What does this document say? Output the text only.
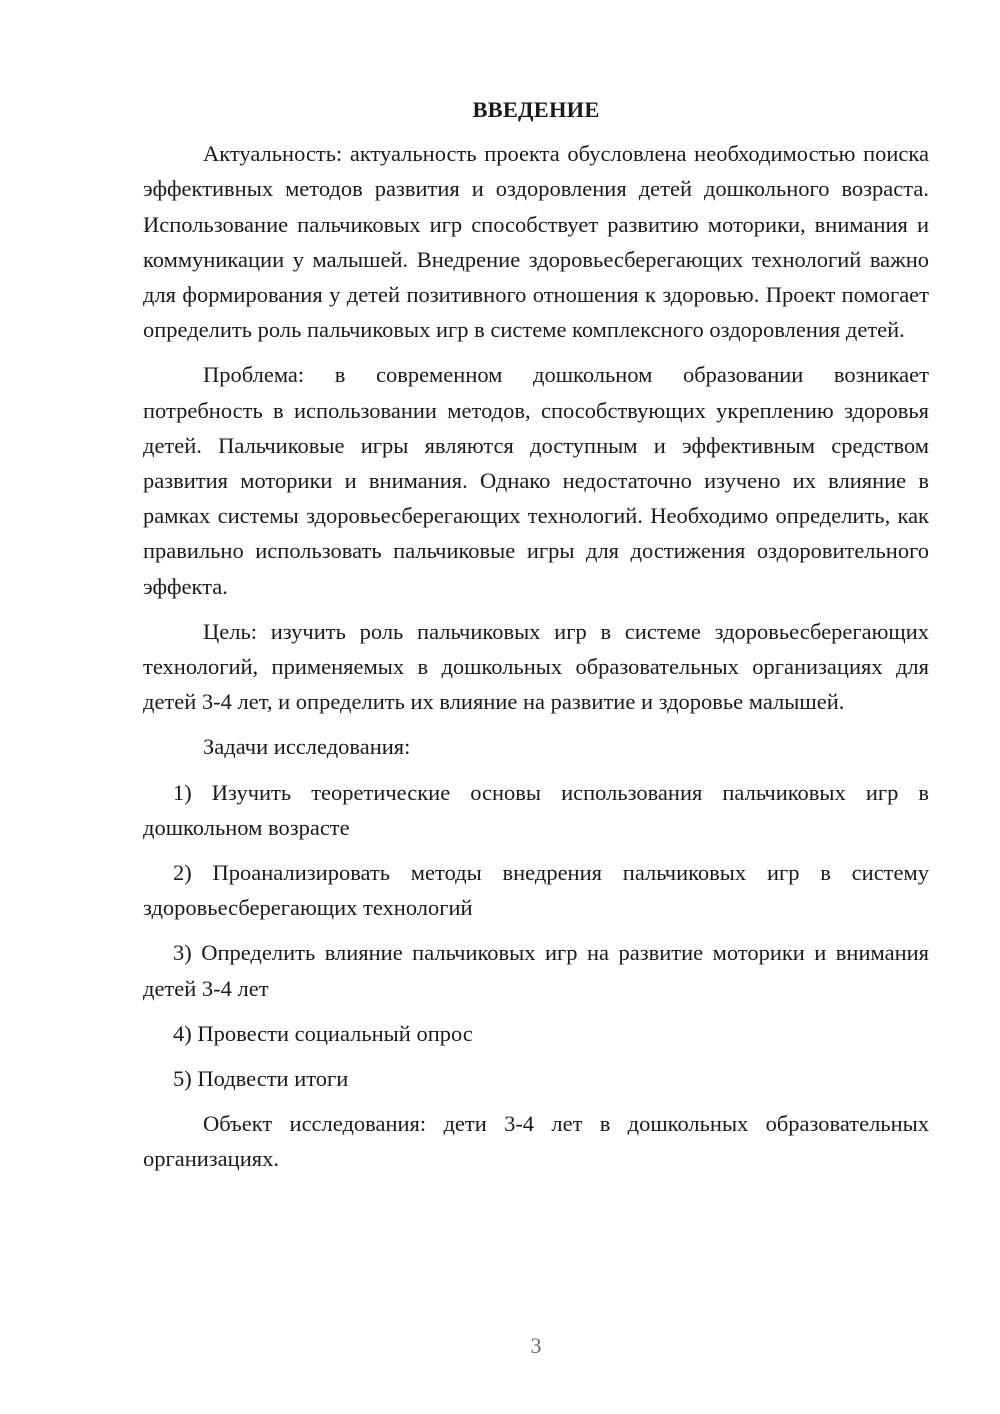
ВВЕДЕНИЕ

Актуальность: актуальность проекта обусловлена необходимостью поиска эффективных методов развития и оздоровления детей дошкольного возраста. Использование пальчиковых игр способствует развитию моторики, внимания и коммуникации у малышей. Внедрение здоровьесберегающих технологий важно для формирования у детей позитивного отношения к здоровью. Проект помогает определить роль пальчиковых игр в системе комплексного оздоровления детей.

Проблема: в современном дошкольном образовании возникает потребность в использовании методов, способствующих укреплению здоровья детей. Пальчиковые игры являются доступным и эффективным средством развития моторики и внимания. Однако недостаточно изучено их влияние в рамках системы здоровьесберегающих технологий. Необходимо определить, как правильно использовать пальчиковые игры для достижения оздоровительного эффекта.

Цель: изучить роль пальчиковых игр в системе здоровьесберегающих технологий, применяемых в дошкольных образовательных организациях для детей 3-4 лет, и определить их влияние на развитие и здоровье малышей.

Задачи исследования:

1) Изучить теоретические основы использования пальчиковых игр в дошкольном возрасте

2) Проанализировать методы внедрения пальчиковых игр в систему здоровьесберегающих технологий

3) Определить влияние пальчиковых игр на развитие моторики и внимания детей 3-4 лет

4) Провести социальный опрос

5) Подвести итоги

Объект исследования: дети 3-4 лет в дошкольных образовательных организациях.

3
